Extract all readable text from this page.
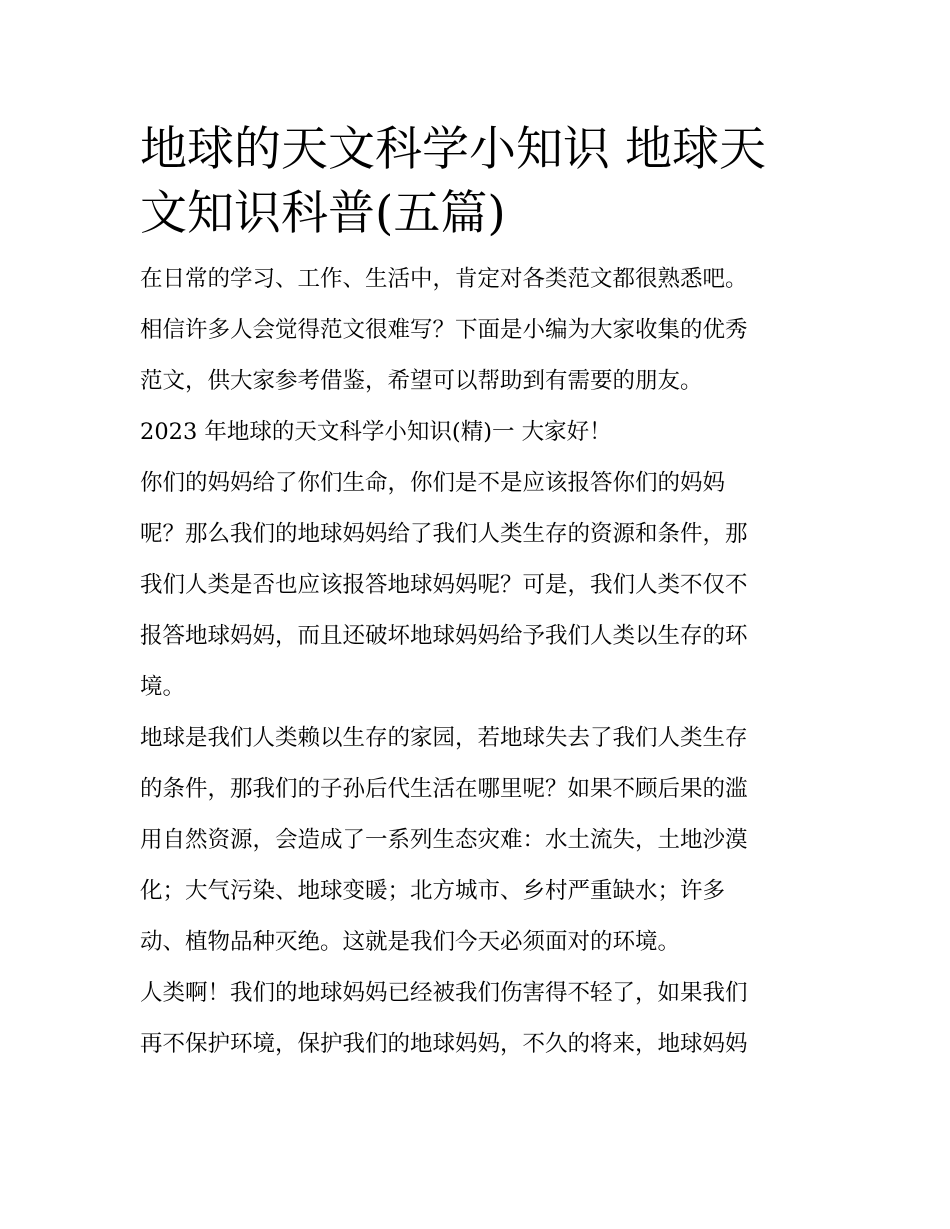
地球的天文科学小知识 地球天
文知识科普(五篇)
在日常的学习、工作、生活中，肯定对各类范文都很熟悉吧。
相信许多人会觉得范文很难写？下面是小编为大家收集的优秀
范文，供大家参考借鉴，希望可以帮助到有需要的朋友。
2023 年地球的天文科学小知识(精)一 大家好！
你们的妈妈给了你们生命，你们是不是应该报答你们的妈妈
呢？那么我们的地球妈妈给了我们人类生存的资源和条件，那
我们人类是否也应该报答地球妈妈呢？可是，我们人类不仅不
报答地球妈妈，而且还破坏地球妈妈给予我们人类以生存的环
境。
地球是我们人类赖以生存的家园，若地球失去了我们人类生存
的条件，那我们的子孙后代生活在哪里呢？如果不顾后果的滥
用自然资源，会造成了一系列生态灾难：水土流失，土地沙漠
化；大气污染、地球变暖；北方城市、乡村严重缺水；许多
动、植物品种灭绝。这就是我们今天必须面对的环境。
人类啊！我们的地球妈妈已经被我们伤害得不轻了，如果我们
再不保护环境，保护我们的地球妈妈，不久的将来，地球妈妈
